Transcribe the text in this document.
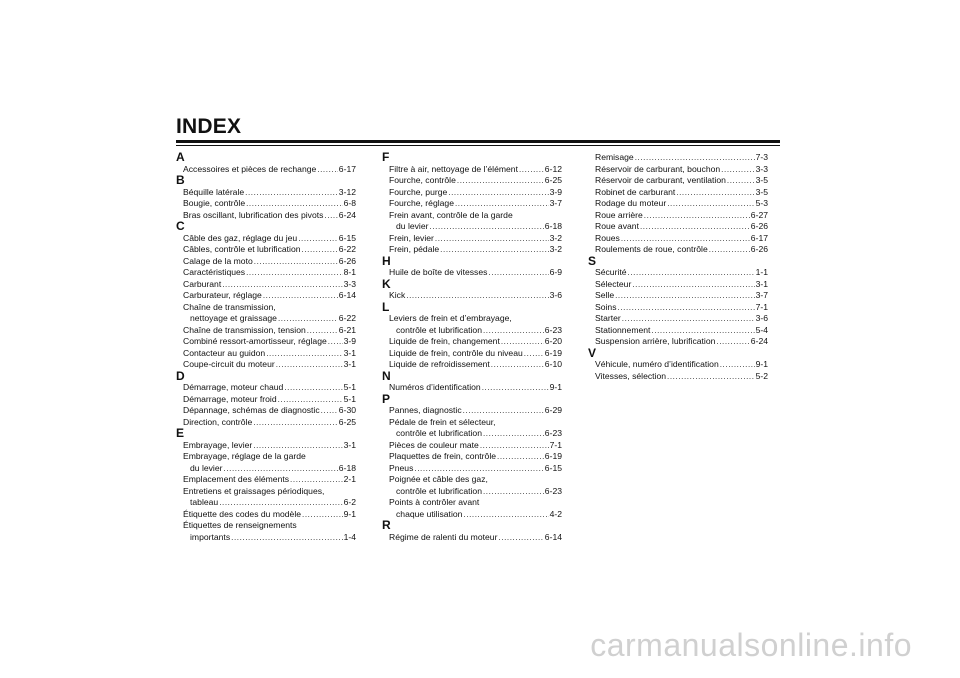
INDEX
A
Accessoires et pièces de rechange .....	6-17
B
Béquille latérale .....	3-12
Bougie, contrôle .....	6-8
Bras oscillant, lubrification des pivots ..... 6-24
C
Câble des gaz, réglage du jeu .....	6-15
Câbles, contrôle et lubrification .....	6-22
Calage de la moto .....	6-26
Caractéristiques .....	8-1
Carburant .....	3-3
Carburateur, réglage .....	6-14
Chaîne de transmission,
nettoyage et graissage .....	6-22
Chaîne de transmission, tension .....	6-21
Combiné ressort-amortisseur, réglage ..... 3-9
Contacteur au guidon .....	3-1
Coupe-circuit du moteur .....	3-1
D
Démarrage, moteur chaud .....	5-1
Démarrage, moteur froid .....	5-1
Dépannage, schémas de diagnostic ..... 6-30
Direction, contrôle .....	6-25
E
Embrayage, levier .....	3-1
Embrayage, réglage de la garde
du levier .....	6-18
Emplacement des éléments .....	2-1
Entretiens et graissages périodiques,
tableau .....	6-2
Étiquette des codes du modèle .....	9-1
Étiquettes de renseignements
importants .....	1-4
F
Filtre à air, nettoyage de l’élément .....	6-12
Fourche, contrôle .....	6-25
Fourche, purge .....	3-9
Fourche, réglage .....	3-7
Frein avant, contrôle de la garde
du levier .....	6-18
Frein, levier .....	3-2
Frein, pédale .....	3-2
H
Huile de boîte de vitesses .....	6-9
K
Kick .....	3-6
L
Leviers de frein et d’embrayage,
contrôle et lubrification .....	6-23
Liquide de frein, changement .....	6-20
Liquide de frein, contrôle du niveau .....	6-19
Liquide de refroidissement .....	6-10
N
Numéros d’identification .....	9-1
P
Pannes, diagnostic .....	6-29
Pédale de frein et sélecteur,
contrôle et lubrification .....	6-23
Pièces de couleur mate .....	7-1
Plaquettes de frein, contrôle .....	6-19
Pneus .....	6-15
Poignée et câble des gaz,
contrôle et lubrification .....	6-23
Points à contrôler avant
chaque utilisation .....	4-2
R
Régime de ralenti du moteur .....	6-14
Remisage .....	7-3
Réservoir de carburant, bouchon .....	3-3
Réservoir de carburant, ventilation .....	3-5
Robinet de carburant .....	3-5
Rodage du moteur .....	5-3
Roue arrière .....	6-27
Roue avant .....	6-26
Roues .....	6-17
Roulements de roue, contrôle .....	6-26
S
Sécurité .....	1-1
Sélecteur .....	3-1
Selle .....	3-7
Soins .....	7-1
Starter .....	3-6
Stationnement .....	5-4
Suspension arrière, lubrification .....	6-24
V
Véhicule, numéro d’identification .....	9-1
Vitesses, sélection .....	5-2
carmanualsonline.info
